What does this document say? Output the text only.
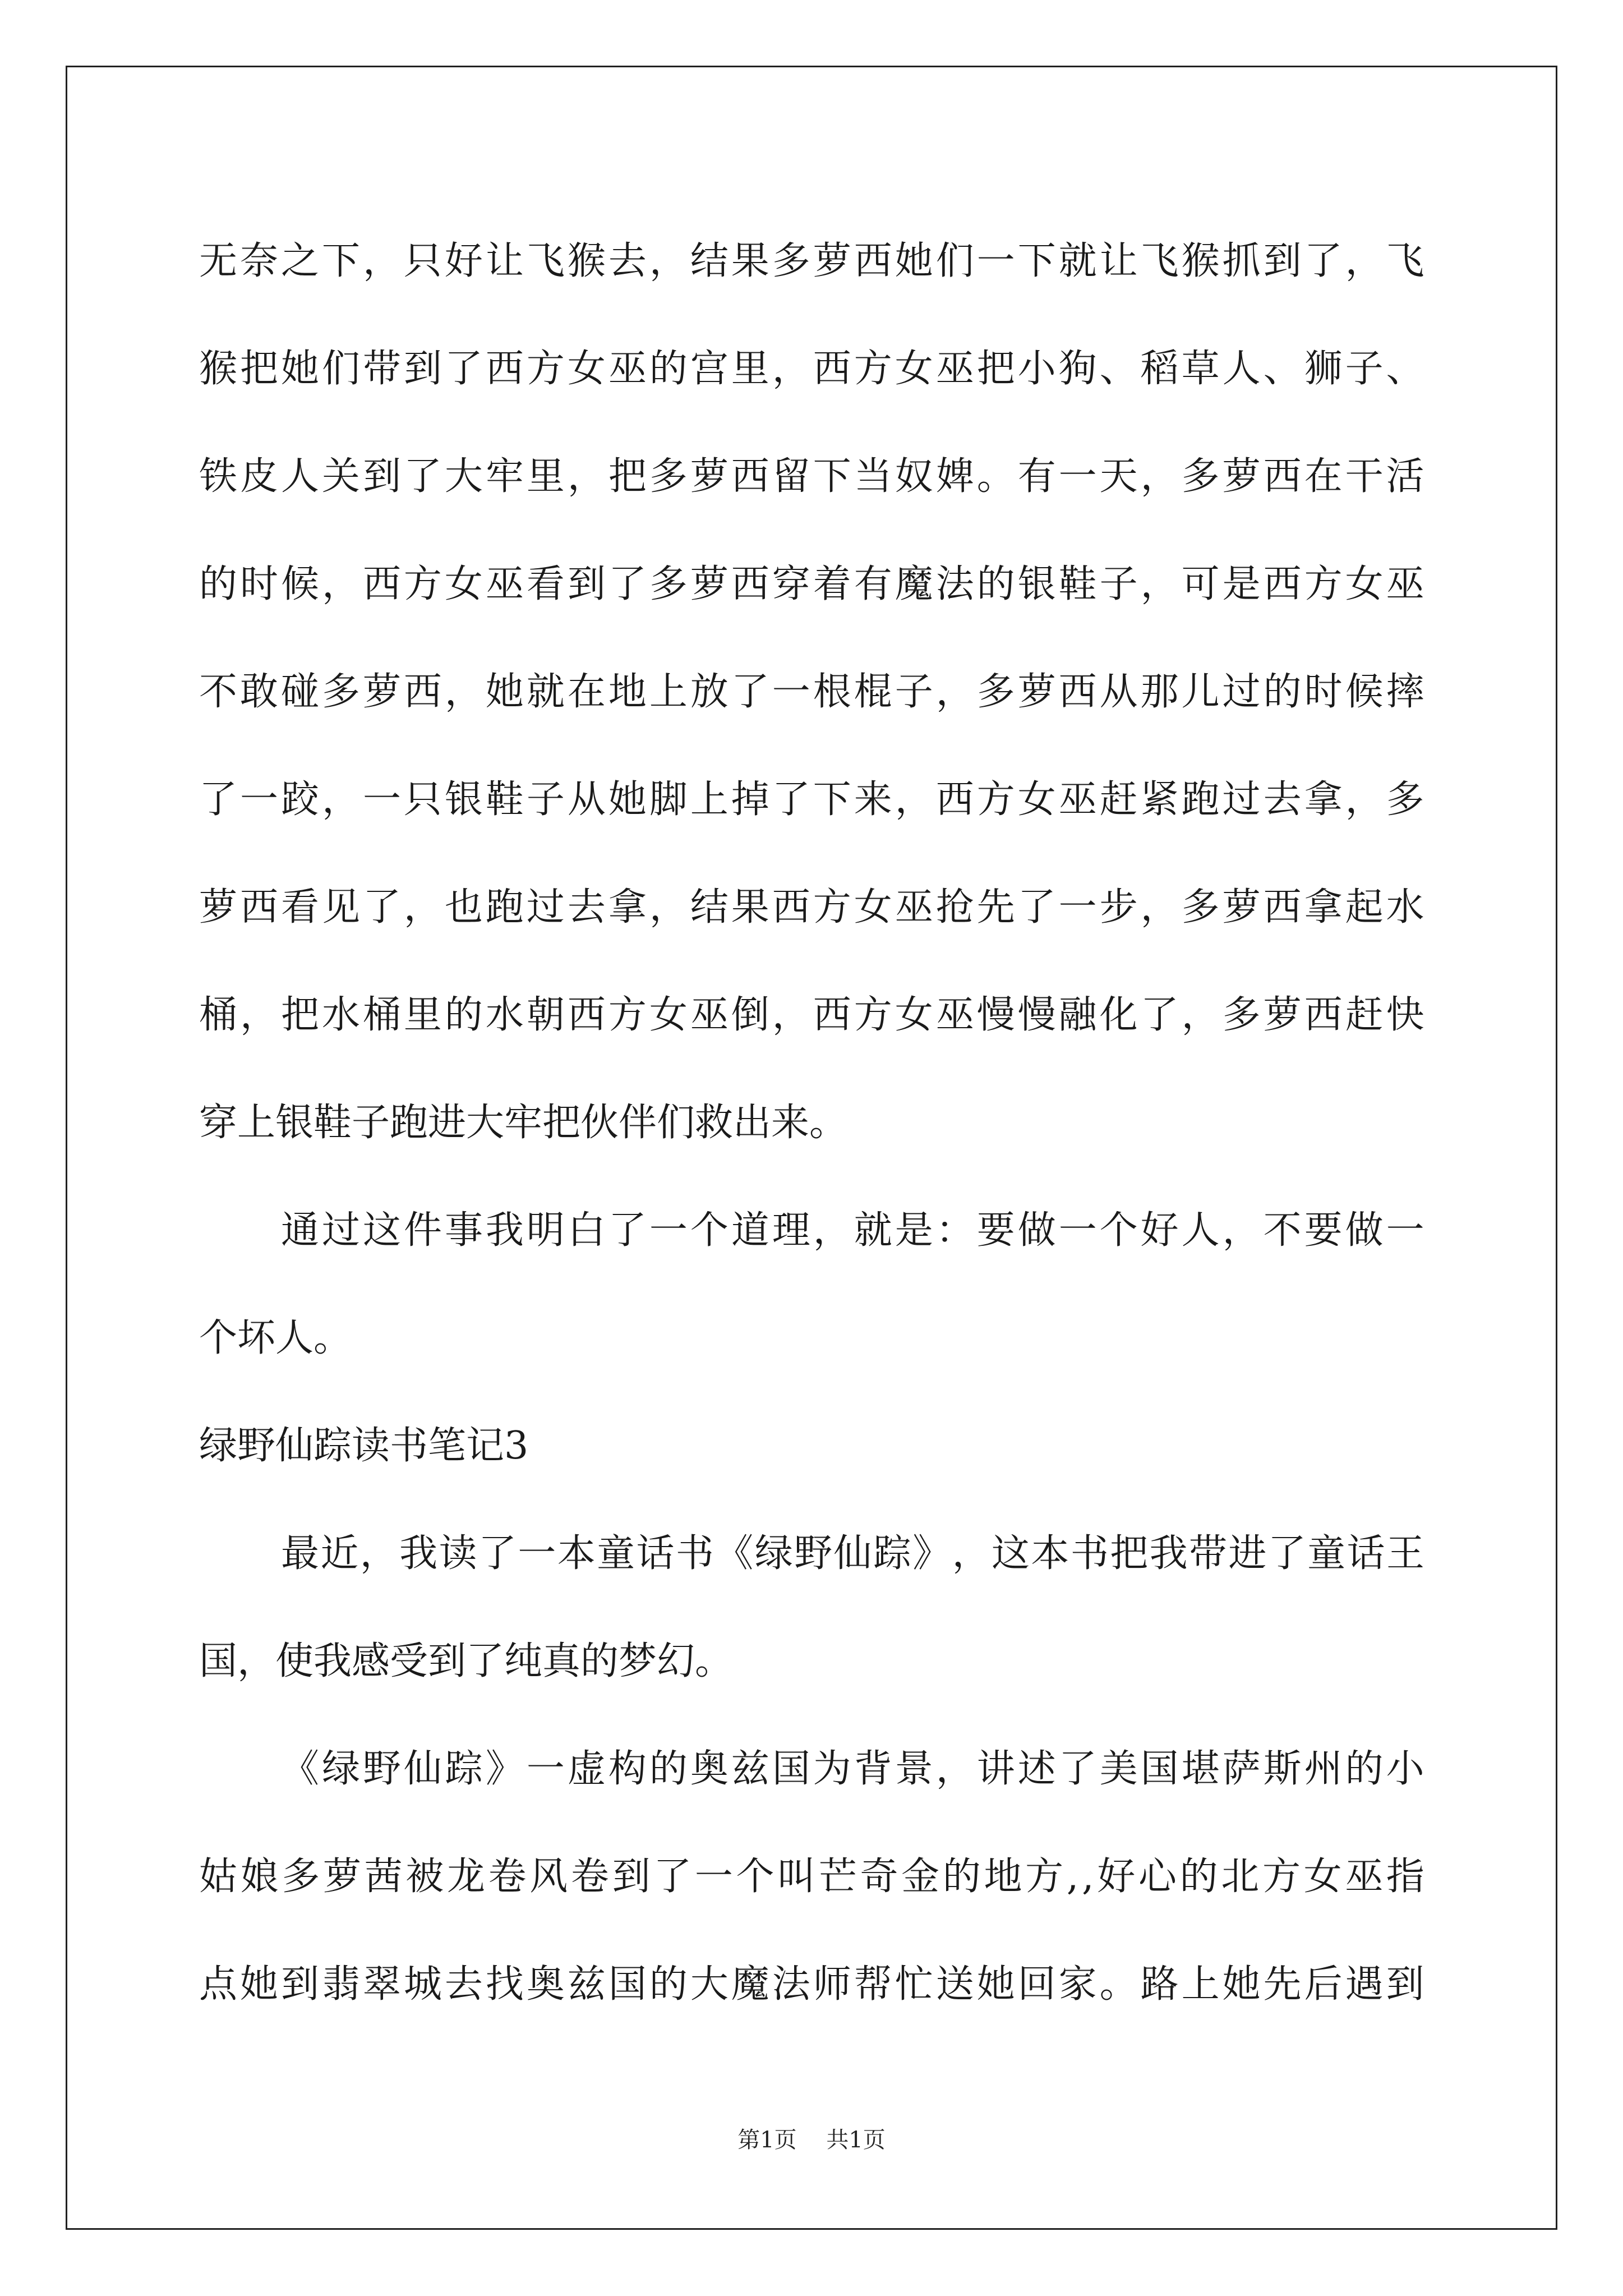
无 奈 之 下 ， 只 好 让 飞 猴 去 ， 结 果 多 萝 西 她 们 一 下 就 让 飞 猴 抓 到 了 ， 飞
猴 把 她 们 带 到 了 西 方 女 巫 的 宫 里 ， 西 方 女 巫 把 小 狗 、 稻 草 人 、 狮 子 、
铁 皮 人 关 到 了 大 牢 里 ， 把 多 萝 西 留 下 当 奴 婢 。 有 一 天 ， 多 萝 西 在 干 活
的 时 候 ， 西 方 女 巫 看 到 了 多 萝 西 穿 着 有 魔 法 的 银 鞋 子 ， 可 是 西 方 女 巫
不 敢 碰 多 萝 西 ， 她 就 在 地 上 放 了 一 根 棍 子 ， 多 萝 西 从 那 儿 过 的 时 候 摔
了 一 跤 ， 一 只 银 鞋 子 从 她 脚 上 掉 了 下 来 ， 西 方 女 巫 赶 紧 跑 过 去 拿 ， 多
萝 西 看 见 了 ， 也 跑 过 去 拿 ， 结 果 西 方 女 巫 抢 先 了 一 步 ， 多 萝 西 拿 起 水
桶 ， 把 水 桶 里 的 水 朝 西 方 女 巫 倒 ， 西 方 女 巫 慢 慢 融 化 了 ， 多 萝 西 赶 快
穿上银鞋子跑进大牢把伙伴们救出来。
通 过 这 件 事 我 明 白 了 一 个 道 理 ， 就 是 ： 要 做 一 个 好 人 ， 不 要 做 一
个坏人。
绿野仙踪读书笔记3
最 近 ， 我 读 了 一 本 童 话 书 《 绿 野 仙 踪 》 ， 这 本 书 把 我 带 进 了 童 话 王
国，使我感受到了纯真的梦幻。
《 绿 野 仙 踪 》 一 虚 构 的 奥 兹 国 为 背 景 ， 讲 述 了 美 国 堪 萨 斯 州 的 小
姑 娘 多 萝 茜 被 龙 卷 风 卷 到 了 一 个 叫 芒 奇 金 的 地 方 , , 好 心 的 北 方 女 巫 指
点 她 到 翡 翠 城 去 找 奥 兹 国 的 大 魔 法 师 帮 忙 送 她 回 家 。 路 上 她 先 后 遇 到
第1页 共1页
